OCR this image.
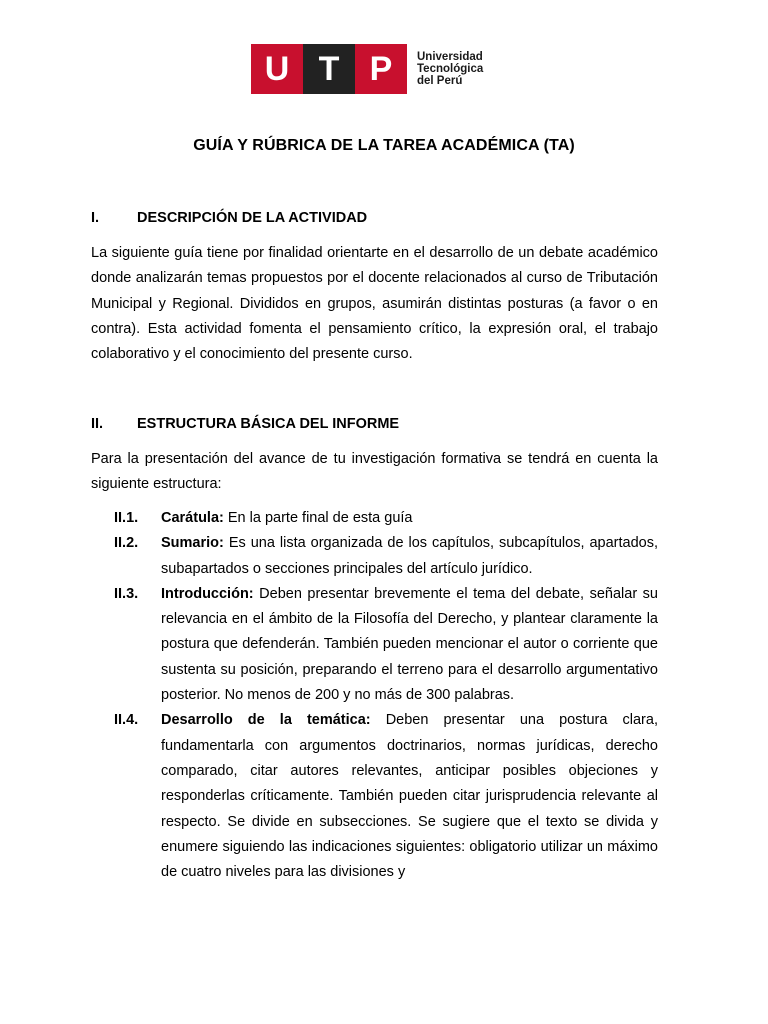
U T P	Universidad
Tecnológica
del Perú
GUÍA Y RÚBRICA DE LA TAREA ACADÉMICA (TA)
I.	DESCRIPCIÓN DE LA ACTIVIDAD
La siguiente guía tiene por finalidad orientarte en el desarrollo de un debate académico donde analizarán temas propuestos por el docente relacionados al curso de Tributación Municipal y Regional. Divididos en grupos, asumirán distintas posturas (a favor o en contra). Esta actividad fomenta el pensamiento crítico, la expresión oral, el trabajo colaborativo y el conocimiento del presente curso.
II. ESTRUCTURA BÁSICA DEL INFORME
Para la presentación del avance de tu investigación formativa se tendrá en cuenta la siguiente estructura:
II.1.	Carátula: En la parte final de esta guía
II.2.	Sumario: Es una lista organizada de los capítulos, subcapítulos, apartados, subapartados o secciones principales del artículo jurídico.
II.3.	Introducción: Deben presentar brevemente el tema del debate, señalar su relevancia en el ámbito de la Filosofía del Derecho, y plantear claramente la postura que defenderán. También pueden mencionar el autor o corriente que sustenta su posición, preparando el terreno para el desarrollo argumentativo posterior. No menos de 200 y no más de 300 palabras.
II.4.	Desarrollo de la temática: Deben presentar una postura clara, fundamentarla con argumentos doctrinarios, normas jurídicas, derecho comparado, citar autores relevantes, anticipar posibles objeciones y responderlas críticamente. También pueden citar jurisprudencia relevante al respecto. Se divide en subsecciones. Se sugiere que el texto se divida y enumere siguiendo las indicaciones siguientes: obligatorio utilizar un máximo de cuatro niveles para las divisiones y
